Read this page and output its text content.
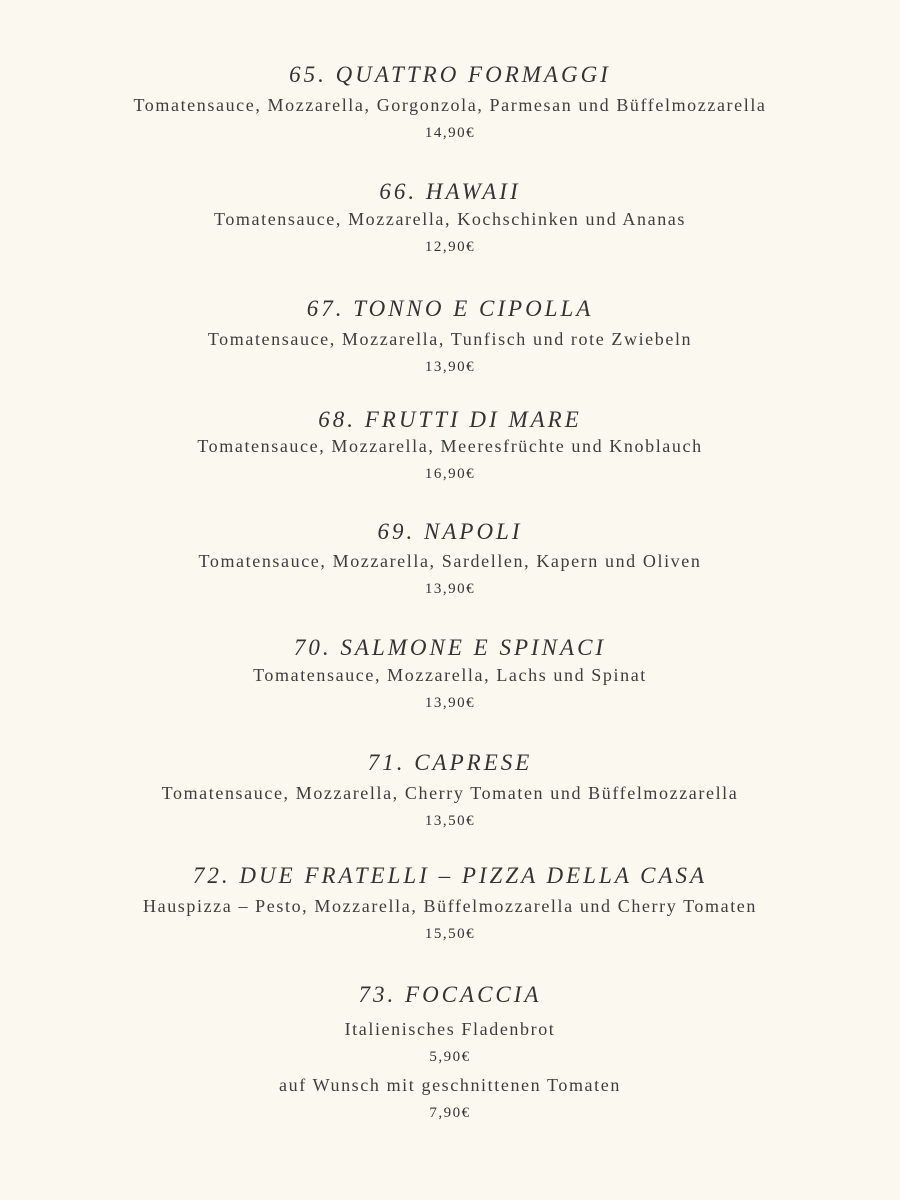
65. QUATTRO FORMAGGI
Tomatensauce, Mozzarella, Gorgonzola, Parmesan und Büffelmozzarella
14,90€
66. HAWAII
Tomatensauce, Mozzarella, Kochschinken und Ananas
12,90€
67. TONNO E CIPOLLA
Tomatensauce, Mozzarella, Tunfisch und rote Zwiebeln
13,90€
68. FRUTTI DI MARE
Tomatensauce, Mozzarella, Meeresfrüchte und Knoblauch
16,90€
69. NAPOLI
Tomatensauce, Mozzarella, Sardellen, Kapern und Oliven
13,90€
70. SALMONE E SPINACI
Tomatensauce, Mozzarella, Lachs und Spinat
13,90€
71. CAPRESE
Tomatensauce, Mozzarella, Cherry Tomaten und Büffelmozzarella
13,50€
72. DUE FRATELLI – PIZZA DELLA CASA
Hauspizza – Pesto, Mozzarella, Büffelmozzarella und Cherry Tomaten
15,50€
73. FOCACCIA
Italienisches Fladenbrot
5,90€
auf Wunsch mit geschnittenen Tomaten
7,90€
